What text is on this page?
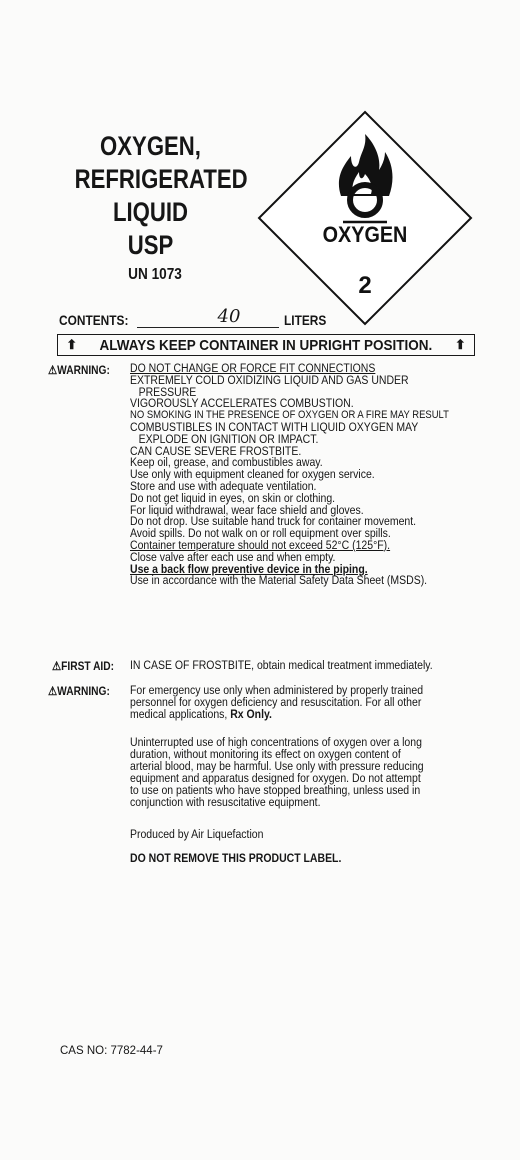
OXYGEN,
REFRIGERATED
LIQUID
USP
UN 1073
OXYGEN
2
CONTENTS:	40	LITERS
⬆ ALWAYS KEEP CONTAINER IN UPRIGHT POSITION. ⬆
⚠WARNING: DO NOT CHANGE OR FORCE FIT CONNECTIONS
EXTREMELY COLD OXIDIZING LIQUID AND GAS UNDER
PRESSURE
VIGOROUSLY ACCELERATES COMBUSTION.
NO SMOKING IN THE PRESENCE OF OXYGEN OR A FIRE MAY RESULT
COMBUSTIBLES IN CONTACT WITH LIQUID OXYGEN MAY
EXPLODE ON IGNITION OR IMPACT.
CAN CAUSE SEVERE FROSTBITE.
Keep oil, grease, and combustibles away.
Use only with equipment cleaned for oxygen service.
Store and use with adequate ventilation.
Do not get liquid in eyes, on skin or clothing.
For liquid withdrawal, wear face shield and gloves.
Do not drop. Use suitable hand truck for container movement.
Avoid spills. Do not walk on or roll equipment over spills.
Container temperature should not exceed 52°C (125°F).
Close valve after each use and when empty.
Use a back flow preventive device in the piping.
Use in accordance with the Material Safety Data Sheet (MSDS).
⚠FIRST AID: IN CASE OF FROSTBITE, obtain medical treatment immediately.
⚠WARNING: For emergency use only when administered by properly trained
personnel for oxygen deficiency and resuscitation. For all other
medical applications, Rx Only.
Uninterrupted use of high concentrations of oxygen over a long
duration, without monitoring its effect on oxygen content of
arterial blood, may be harmful. Use only with pressure reducing
equipment and apparatus designed for oxygen. Do not attempt
to use on patients who have stopped breathing, unless used in
conjunction with resuscitative equipment.
Produced by Air Liquefaction
DO NOT REMOVE THIS PRODUCT LABEL.
CAS NO: 7782-44-7
